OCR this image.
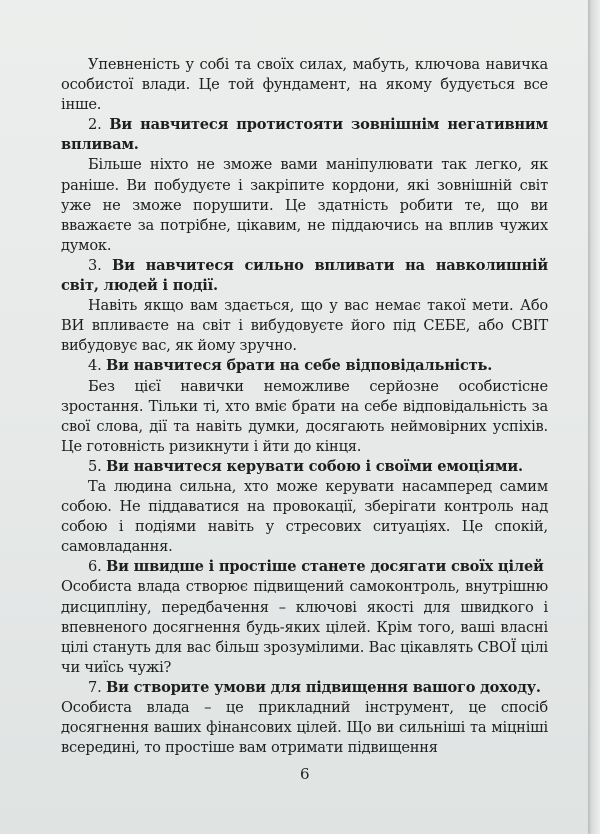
Упевненість у собі та своїх силах, мабуть, ключова навичка особистої влади. Це той фундамент, на якому будується все інше.

2. Ви навчитеся протистояти зовнішнім негативним впливам.

Більше ніхто не зможе вами маніпулювати так легко, як раніше. Ви побудуєте і закріпите кордони, які зовнішній світ уже не зможе порушити. Це здатність робити те, що ви вважаєте за потрібне, цікавим, не піддаючись на вплив чужих думок.

3. Ви навчитеся сильно впливати на навколишній світ, людей і події.

Навіть якщо вам здається, що у вас немає такої мети. Або ВИ впливаєте на світ і вибудовуєте його під СЕБЕ, або СВІТ вибудовує вас, як йому зручно.

4. Ви навчитеся брати на себе відповідальність.

Без цієї навички неможливе серйозне особистісне зростання. Тільки ті, хто вміє брати на себе відповідальність за свої слова, дії та навіть думки, досягають неймовірних успіхів. Це готовність ризикнути і йти до кінця.

5. Ви навчитеся керувати собою і своїми емоціями.

Та людина сильна, хто може керувати насамперед самим собою. Не піддаватися на провокації, зберігати контроль над собою і подіями навіть у стресових ситуаціях. Це спокій, самовладання.

6. Ви швидше і простіше станете досягати своїх цілей

Особиста влада створює підвищений самоконтроль, внутрішню дисципліну, передбачення – ключові якості для швидкого і впевненого досягнення будь-яких цілей. Крім того, ваші власні цілі стануть для вас більш зрозумілими. Вас цікавлять СВОЇ цілі чи чиїсь чужі?

7. Ви створите умови для підвищення вашого доходу.

Особиста влада – це прикладний інструмент, це спосіб досягнення ваших фінансових цілей. Що ви сильніші та міцніші всередині, то простіше вам отримати підвищення

6
